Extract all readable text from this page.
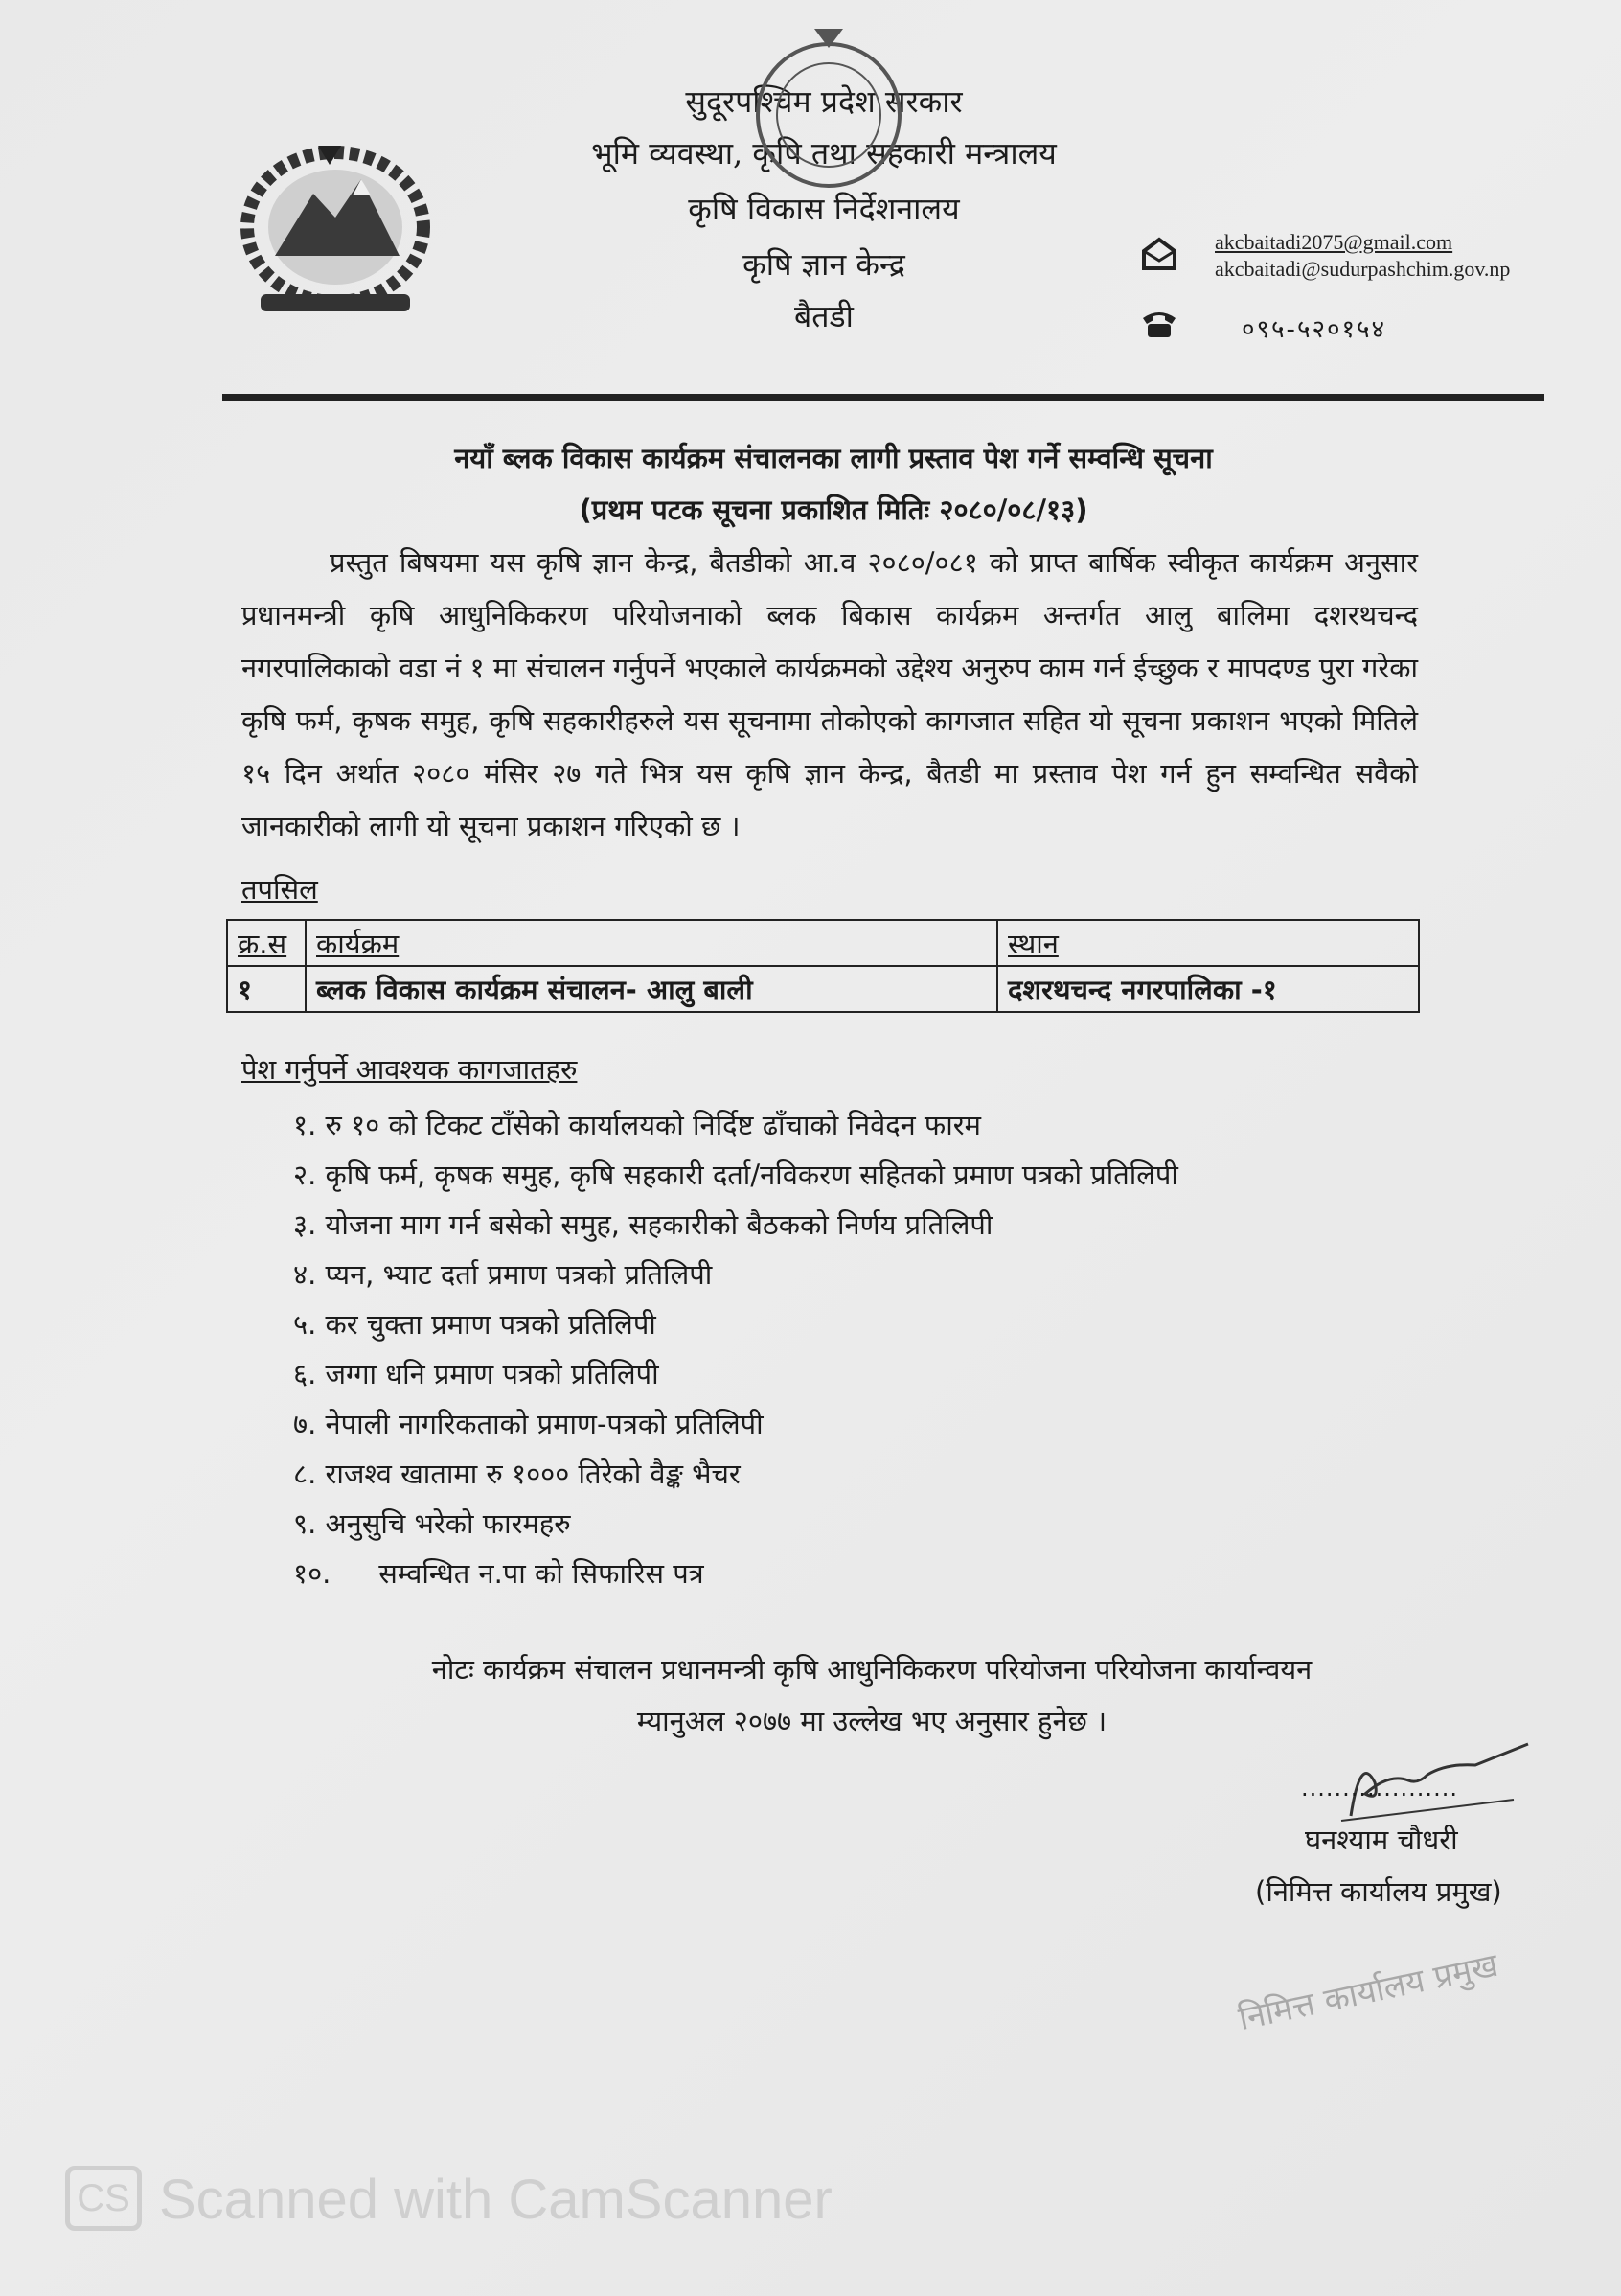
सुदूरपश्चिम प्रदेश सरकार
भूमि व्यवस्था, कृषि तथा सहकारी मन्त्रालय
कृषि विकास निर्देशनालय
कृषि ज्ञान केन्द्र
बैतडी
akcbaitadi2075@gmail.com
akcbaitadi@sudurpashchim.gov.np
०९५-५२०१५४
नयाँ ब्लक विकास कार्यक्रम संचालनका लागी प्रस्ताव पेश गर्ने सम्वन्धि सूचना
(प्रथम पटक सूचना प्रकाशित मितिः २०८०/०८/१३)

प्रस्तुत बिषयमा यस कृषि ज्ञान केन्द्र, बैतडीको आ.व २०८०/०८१ को प्राप्त बार्षिक स्वीकृत कार्यक्रम अनुसार प्रधानमन्त्री कृषि आधुनिकिकरण परियोजनाको ब्लक बिकास कार्यक्रम अन्तर्गत आलु बालिमा दशरथचन्द नगरपालिकाको वडा नं १ मा संचालन गर्नुपर्ने भएकाले कार्यक्रमको उद्देश्य अनुरुप काम गर्न ईच्छुक र मापदण्ड पुरा गरेका कृषि फर्म, कृषक समुह, कृषि सहकारीहरुले यस सूचनामा तोकोएको कागजात सहित यो सूचना प्रकाशन भएको मितिले १५ दिन अर्थात २०८० मंसिर २७ गते भित्र यस कृषि ज्ञान केन्द्र, बैतडी मा प्रस्ताव पेश गर्न हुन सम्वन्धित सवैको जानकारीको लागी यो सूचना प्रकाशन गरिएको छ ।

तपसिल
क्र.स	कार्यक्रम	स्थान
१	ब्लक विकास कार्यक्रम संचालन- आलु बाली	दशरथचन्द नगरपालिका -१
पेश गर्नुपर्ने आवश्यक कागजातहरु
१. रु १० को टिकट टाँसेको कार्यालयको निर्दिष्ट ढाँचाको निवेदन फारम
२. कृषि फर्म, कृषक समुह, कृषि सहकारी दर्ता/नविकरण सहितको प्रमाण पत्रको प्रतिलिपी
३. योजना माग गर्न बसेको समुह, सहकारीको बैठकको निर्णय प्रतिलिपी
४. प्यन, भ्याट दर्ता प्रमाण पत्रको प्रतिलिपी
५. कर चुक्ता प्रमाण पत्रको प्रतिलिपी
६. जग्गा धनि प्रमाण पत्रको प्रतिलिपी
७. नेपाली नागरिकताको प्रमाण-पत्रको प्रतिलिपी
८. राजश्व खातामा रु १००० तिरेको वैङ्क भैचर
९. अनुसुचि भरेको फारमहरु
१०. सम्वन्धित न.पा को सिफारिस पत्र
नोटः कार्यक्रम संचालन प्रधानमन्त्री कृषि आधुनिकिकरण परियोजना परियोजना कार्यान्वयन
म्यानुअल २०७७ मा उल्लेख भए अनुसार हुनेछ ।
...................
घनश्याम चौधरी
(निमित्त कार्यालय प्रमुख)
निमित्त कार्यालय प्रमुख
CS Scanned with CamScanner
